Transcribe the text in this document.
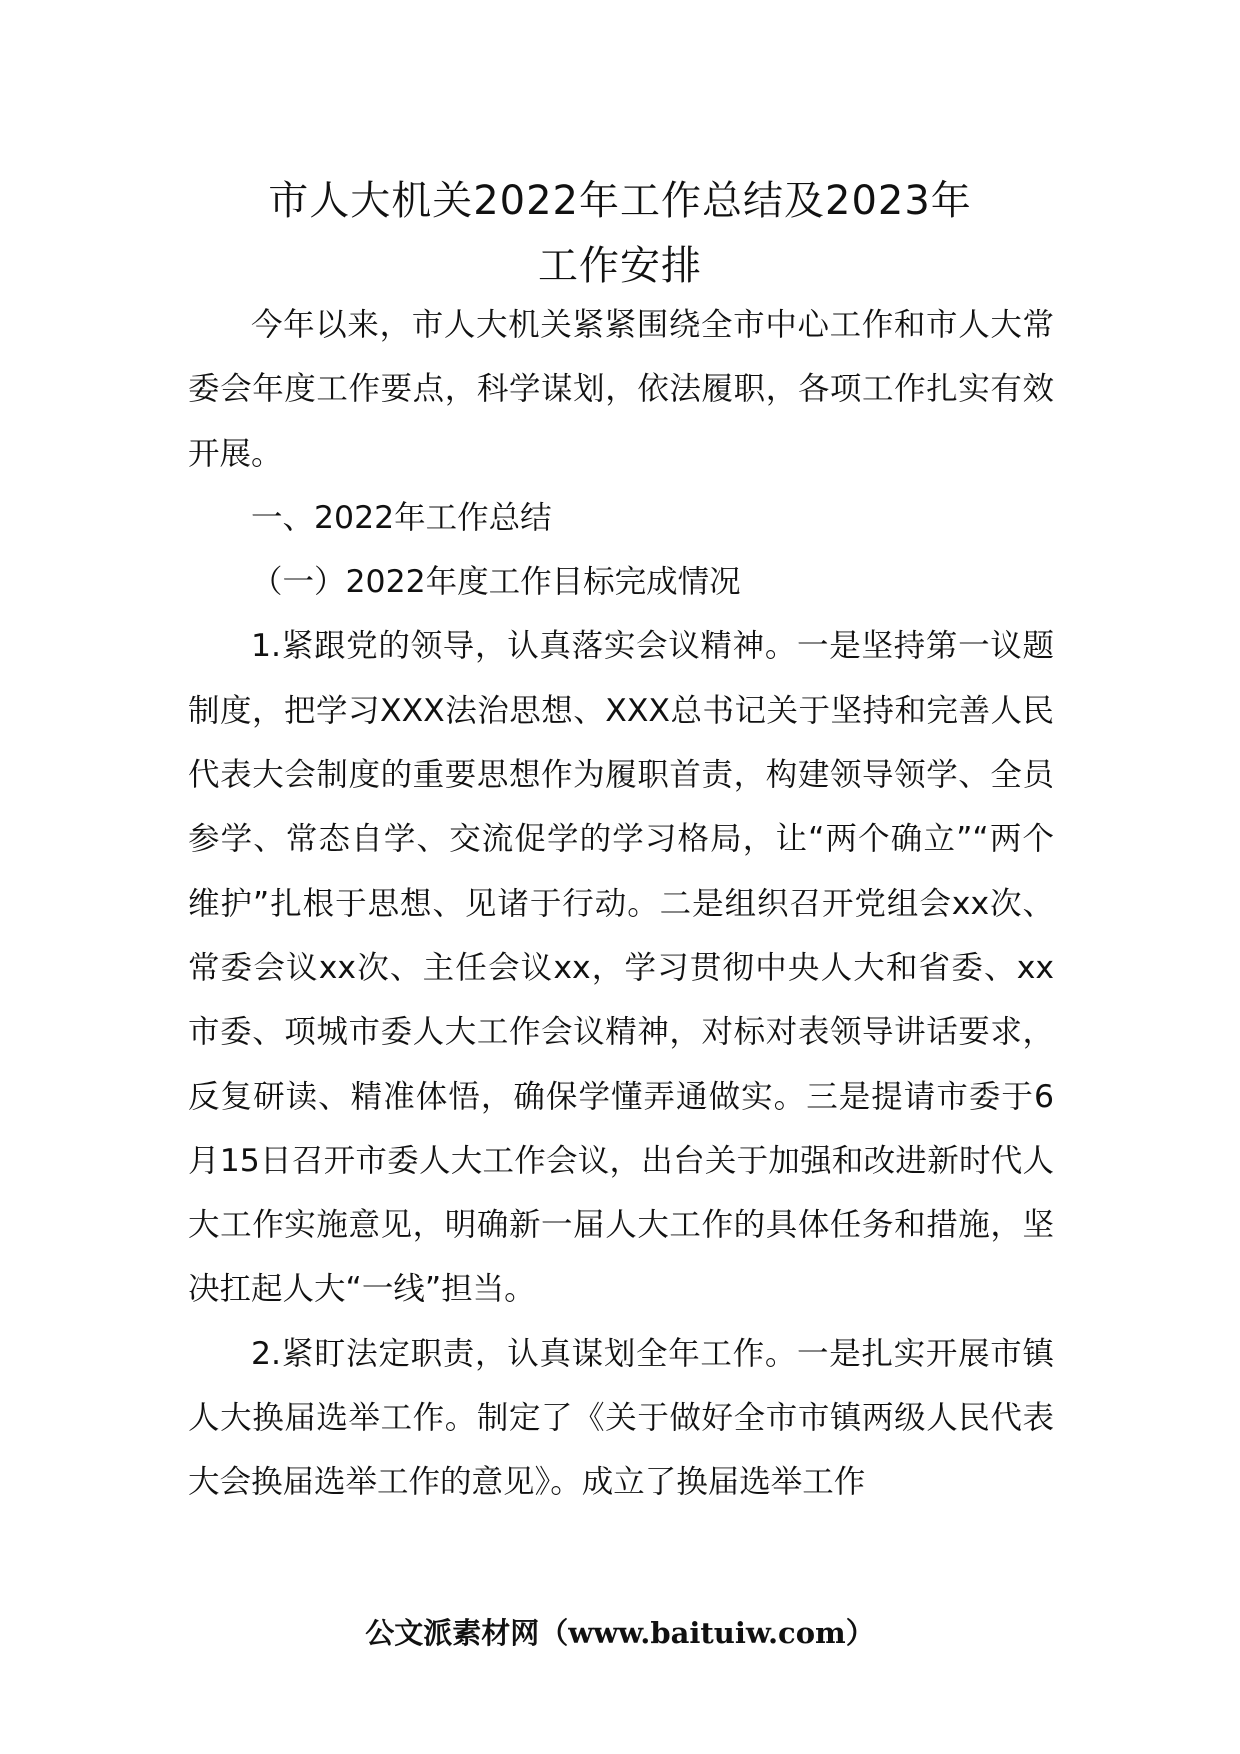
市人大机关2022年工作总结及2023年
工作安排

今年以来，市人大机关紧紧围绕全市中心工作和市人大常委会年度工作要点，科学谋划，依法履职，各项工作扎实有效开展。

一、2022年工作总结

（一）2022年度工作目标完成情况

1.紧跟党的领导，认真落实会议精神。一是坚持第一议题制度，把学习XXX法治思想、XXX总书记关于坚持和完善人民代表大会制度的重要思想作为履职首责，构建领导领学、全员参学、常态自学、交流促学的学习格局，让“两个确立”“两个维护”扎根于思想、见诸于行动。二是组织召开党组会xx次、常委会议xx次、主任会议xx，学习贯彻中央人大和省委、xx市委、项城市委人大工作会议精神，对标对表领导讲话要求，反复研读、精准体悟，确保学懂弄通做实。三是提请市委于6月15日召开市委人大工作会议，出台关于加强和改进新时代人大工作实施意见，明确新一届人大工作的具体任务和措施，坚决扛起人大“一线”担当。

2.紧盯法定职责，认真谋划全年工作。一是扎实开展市镇人大换届选举工作。制定了《关于做好全市市镇两级人民代表大会换届选举工作的意见》。成立了换届选举工作

公文派素材网（www.baituiw.com）
